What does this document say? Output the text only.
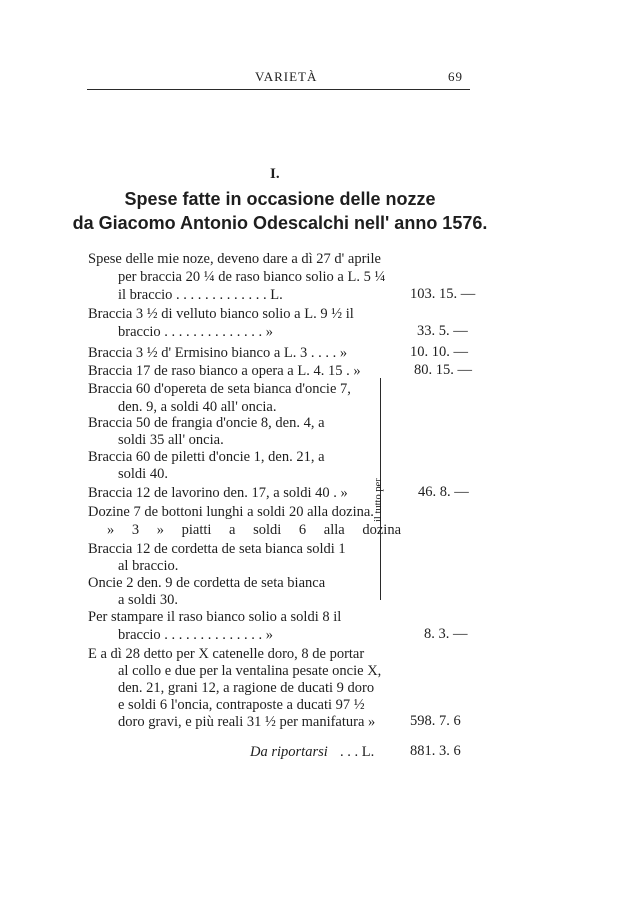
VARIETÀ	69
I.
Spese fatte in occasione delle nozze
da Giacomo Antonio Odescalchi nell' anno 1576.
Spese delle mie noze, deveno dare a dì 27 d' aprile
per braccia 20 ¼ de raso bianco solio a L. 5 ¼
il braccio . . . . . . . . . . . . . L.	103. 15. —
Braccia 3 ½ di velluto bianco solio a L. 9 ½ il
braccio . . . . . . . . . . . . . . »	33. 5. —
Braccia 3 ½ d' Ermisino bianco a L. 3 . . . . »	10. 10. —
Braccia 17 de raso bianco a opera a L. 4. 15 . »	80. 15. —
Braccia 60 d'opereta de seta bianca d'oncie 7,
den. 9, a soldi 40 all' oncia.
Braccia 50 de frangia d'oncie 8, den. 4, a
soldi 35 all' oncia.
Braccia 60 de piletti d'oncie 1, den. 21, a
soldi 40.
Braccia 12 de lavorino den. 17, a soldi 40 . »	46. 8. —
Dozine 7 de bottoni lunghi a soldi 20 alla dozina.
» 3 » piatti a soldi 6 alla dozina
Braccia 12 de cordetta de seta bianca soldi 1
al braccio.
Oncie 2 den. 9 de cordetta de seta bianca
a soldi 30.
il tutto per
Per stampare il raso bianco solio a soldi 8 il
braccio . . . . . . . . . . . . . . »	8. 3. —
E a dì 28 detto per X catenelle doro, 8 de portar
al collo e due per la ventalina pesate oncie X,
den. 21, grani 12, a ragione de ducati 9 doro
e soldi 6 l'oncia, contraposte a ducati 97 ½
doro gravi, e più reali 31 ½ per manifatura » 598. 7. 6
Da riportarsi . . . L. 881. 3. 6
